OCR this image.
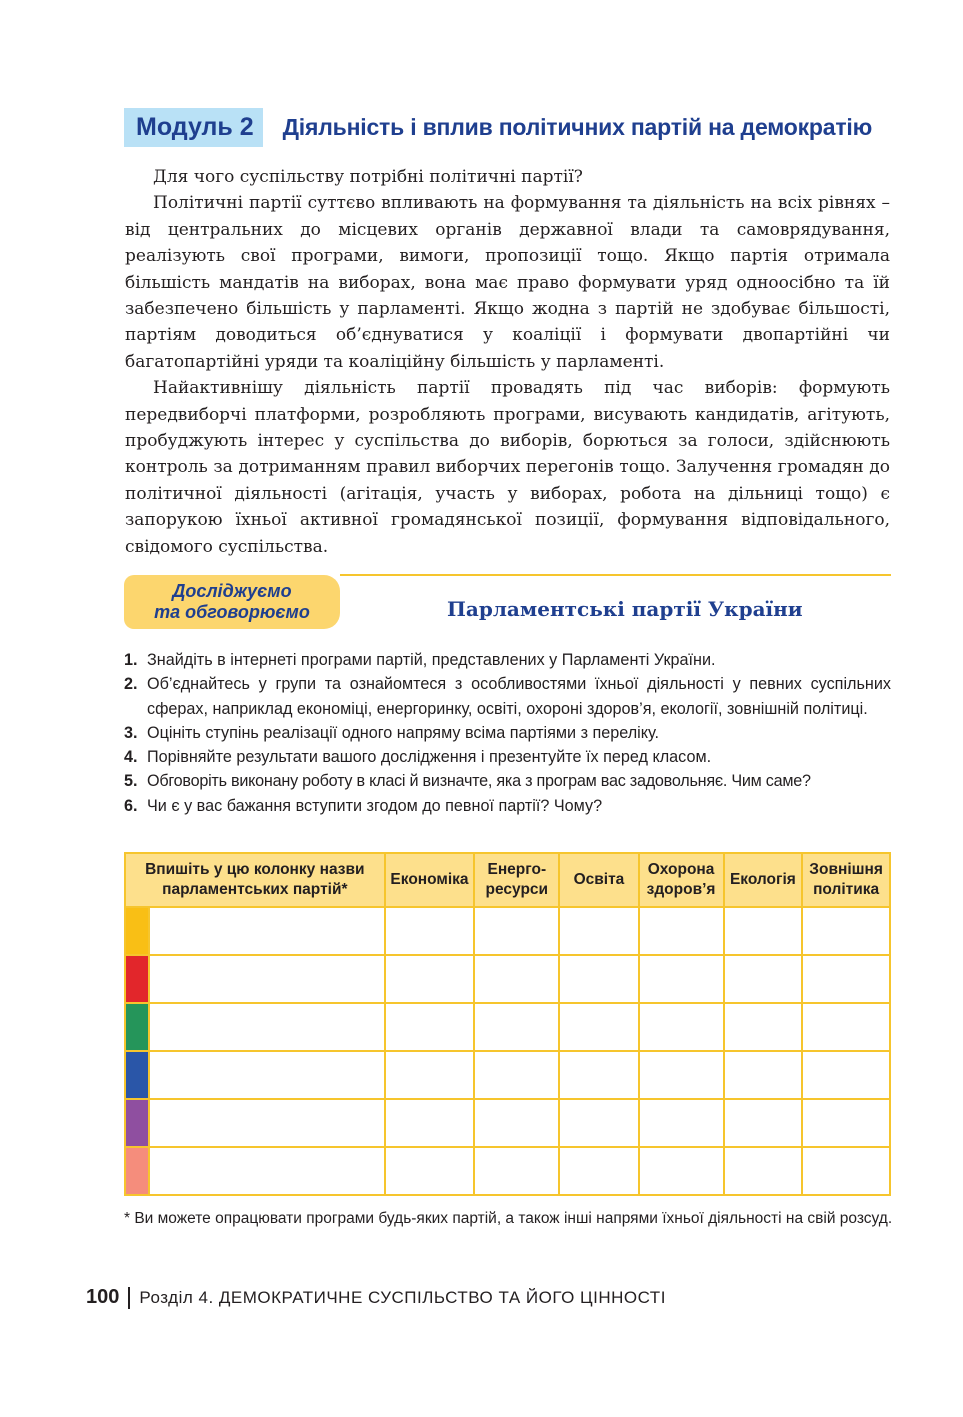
Модуль 2	Діяльність і вплив політичних партій на демократію

Для чого суспільству потрібні політичні партії?

Політичні партії суттєво впливають на формування та діяльність на всіх рівнях – від центральних до місцевих органів державної влади та самоврядування, реалізують свої програми, вимоги, пропозиції тощо. Якщо партія отримала більшість мандатів на виборах, вона має право формувати уряд одноосібно та їй забезпечено більшість у парламенті. Якщо жодна з партій не здобуває більшості, партіям доводиться об’єднуватися у коаліції і формувати двопартійні чи багатопартійні уряди та коаліційну більшість у парламенті.

Найактивнішу діяльність партії провадять під час виборів: формують передвиборчі платформи, розробляють програми, висувають кандидатів, агітують, пробуджують інтерес у суспільства до виборів, борються за голоси, здійснюють контроль за дотриманням правил виборчих перегонів тощо. Залучення громадян до політичної діяльності (агітація, участь у виборах, робота на дільниці тощо) є запорукою їхньої активної громадянської позиції, формування відповідального, свідомого суспільства.

Досліджуємо
та обговорюємо	Парламентські партії України
1. Знайдіть в інтернеті програми партій, представлених у Парламенті України.
2. Об’єднайтесь у групи та ознайомтеся з особливостями їхньої діяльності у певних суспільних сферах, наприклад економіці, енергоринку, освіті, охороні здоров’я, екології, зовнішній політиці.
3. Оцініть ступінь реалізації одного напряму всіма партіями з переліку.
4. Порівняйте результати вашого дослідження і презентуйте їх перед класом.
5. Обговоріть виконану роботу в класі й визначте, яка з програм вас задовольняє. Чим саме?
6. Чи є у вас бажання вступити згодом до певної партії? Чому?
Впишіть у цю колонку назви парламентських партій*		Економіка	Енерго-ресурси	Освіта	Охорона здоров’я	Екологія	Зовнішня політика

* Ви можете опрацювати програми будь-яких партій, а також інші напрями їхньої діяльності на свій розсуд.
100 Розділ 4. ДЕМОКРАТИЧНЕ СУСПІЛЬСТВО ТА ЙОГО ЦІННОСТІ
